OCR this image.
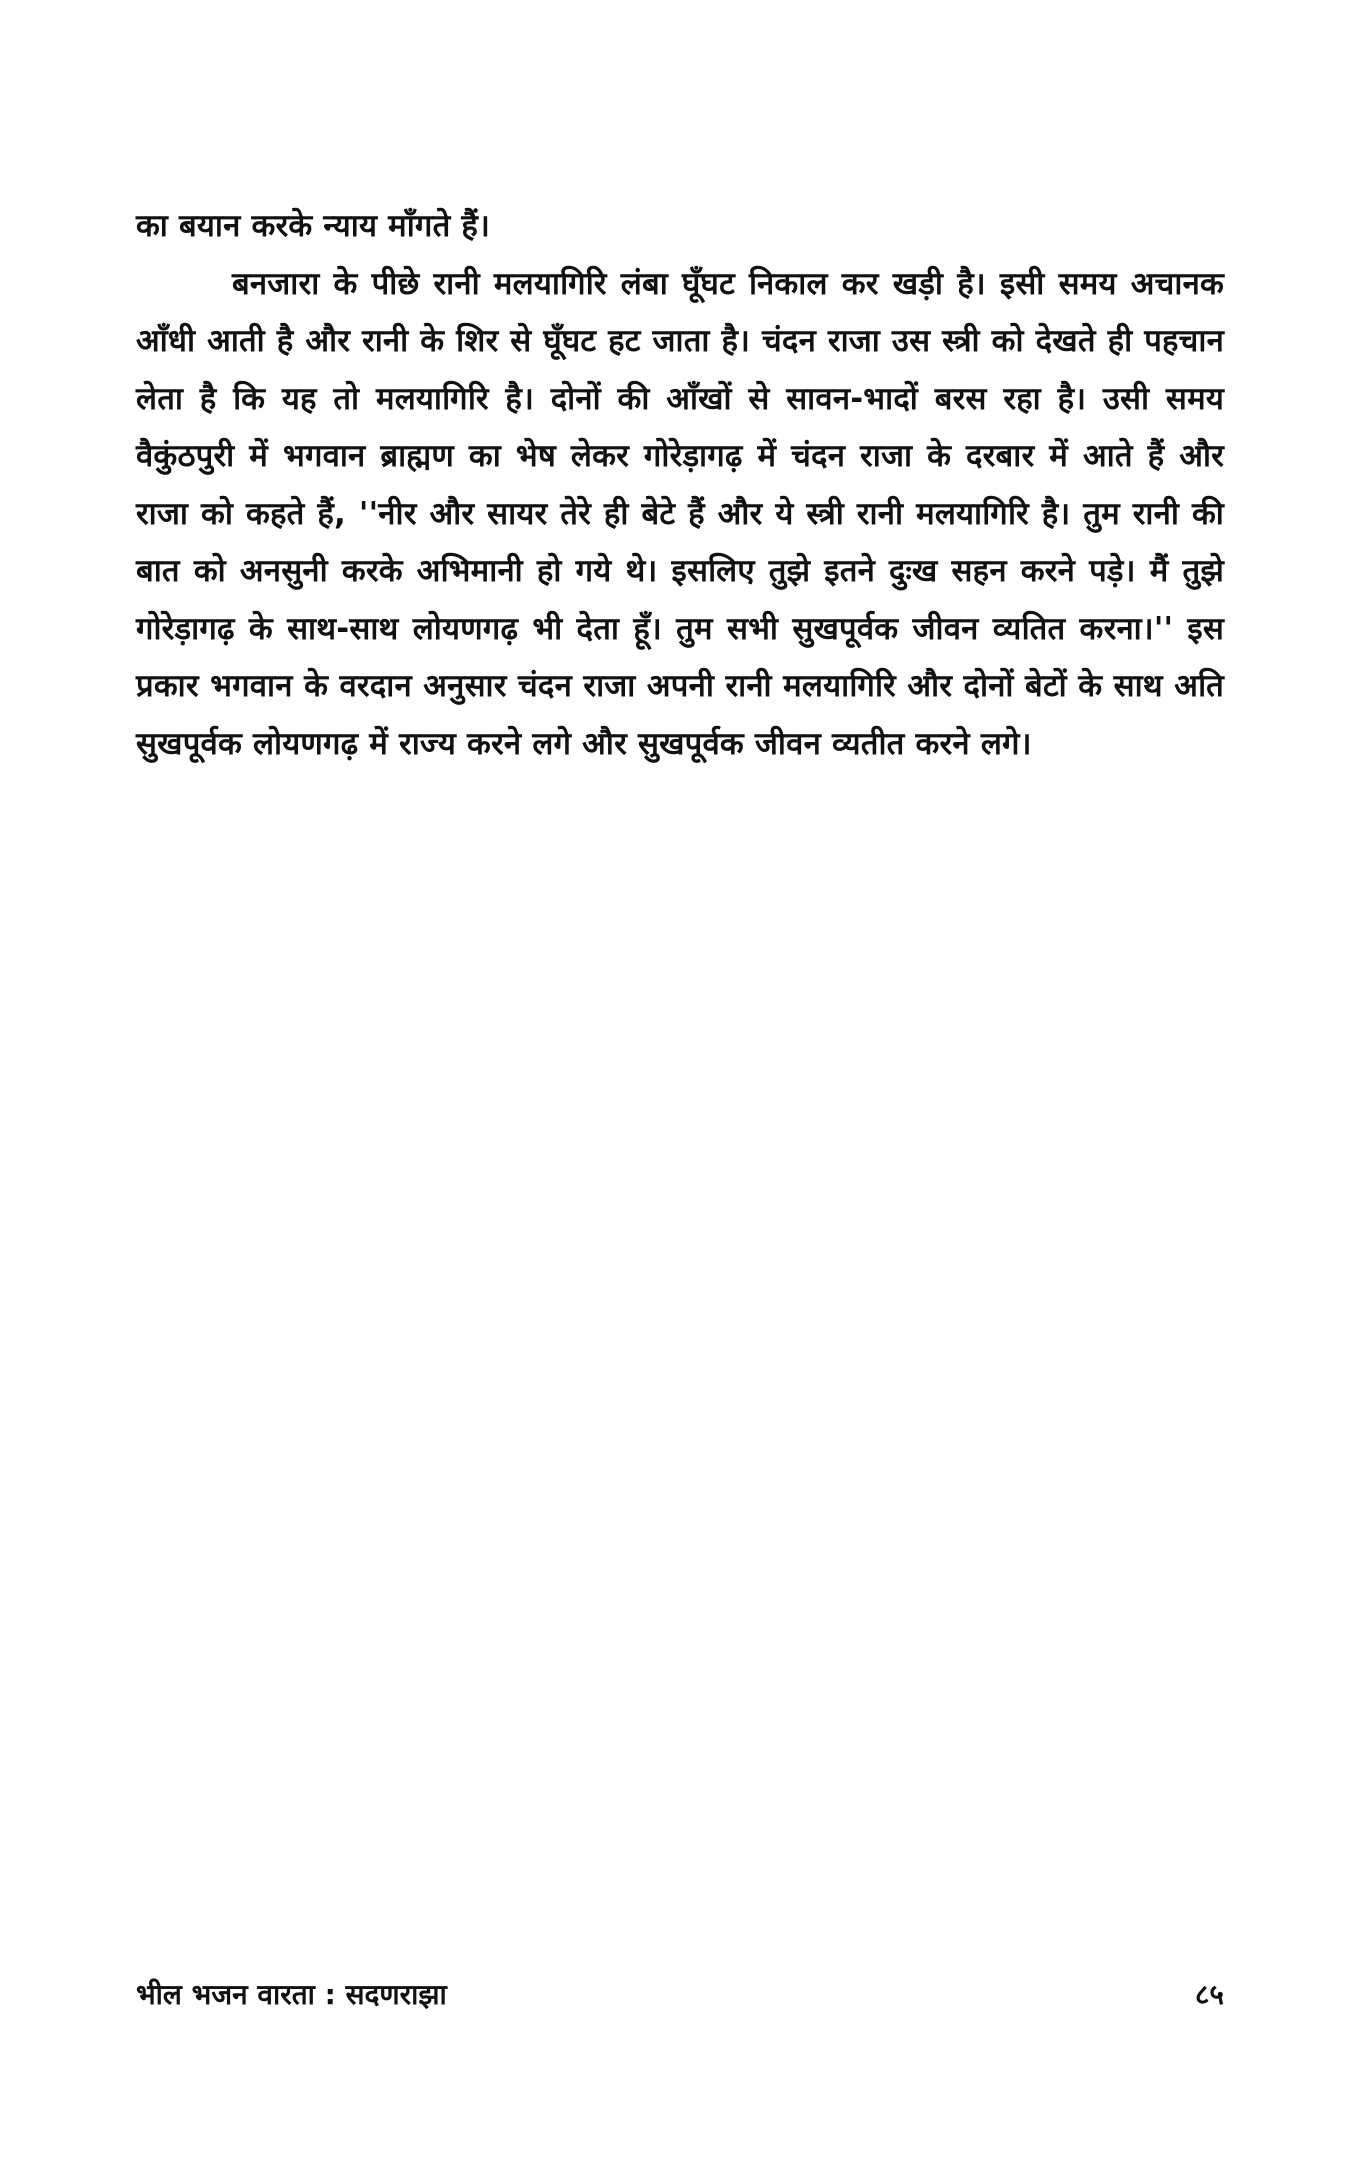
का बयान करके न्याय माँगते हैं।

बनजारा के पीछे रानी मलयागिरि लंबा घूँघट निकाल कर खड़ी है। इसी समय अचानक आँधी आती है और रानी के शिर से घूँघट हट जाता है। चंदन राजा उस स्त्री को देखते ही पहचान लेता है कि यह तो मलयागिरि है। दोनों की आँखों से सावन-भादों बरस रहा है। उसी समय वैकुंठपुरी में भगवान ब्राह्मण का भेष लेकर गोरेड़ागढ़ में चंदन राजा के दरबार में आते हैं और राजा को कहते हैं, ''नीर और सायर तेरे ही बेटे हैं और ये स्त्री रानी मलयागिरि है। तुम रानी की बात को अनसुनी करके अभिमानी हो गये थे। इसलिए तुझे इतने दुःख सहन करने पड़े। मैं तुझे गोरेड़ागढ़ के साथ-साथ लोयणगढ़ भी देता हूँ। तुम सभी सुखपूर्वक जीवन व्यतित करना।'' इस प्रकार भगवान के वरदान अनुसार चंदन राजा अपनी रानी मलयागिरि और दोनों बेटों के साथ अति सुखपूर्वक लोयणगढ़ में राज्य करने लगे और सुखपूर्वक जीवन व्यतीत करने लगे।

भील भजन वारता : सदणराझा	८५
